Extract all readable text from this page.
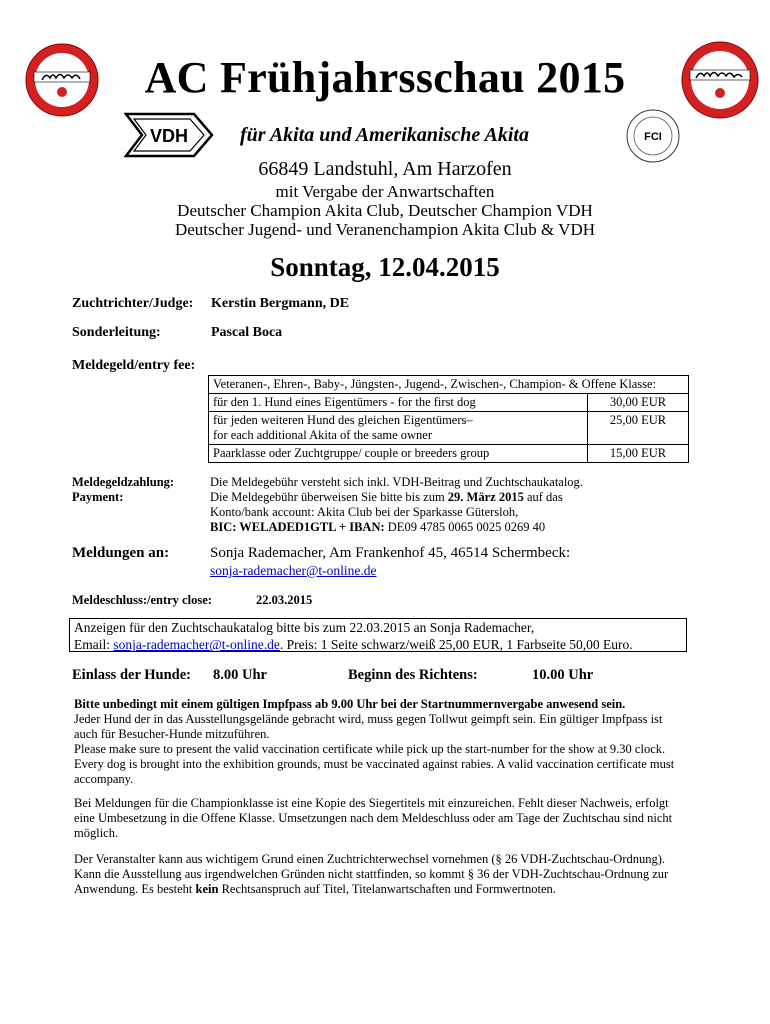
AC Frühjahrsschau 2015
VDH	für Akita und Amerikanische Akita	FCI
66849 Landstuhl, Am Harzofen
mit Vergabe der Anwartschaften
Deutscher Champion Akita Club, Deutscher Champion VDH
Deutscher Jugend- und Veranenchampion Akita Club & VDH
Sonntag, 12.04.2015
Zuchtrichter/Judge: Kerstin Bergmann, DE
Sonderleitung:	Pascal Boca
Meldegeld/entry fee:
Veteranen-, Ehren-, Baby-, Jüngsten-, Jugend-, Zwischen-, Champion- & Offene Klasse:	
für den 1. Hund eines Eigentümers - for the first dog	30,00 EUR

für jeden weiteren Hund des gleichen Eigentümers–
for each additional Akita of the same owner	25,00 EUR
Paarklasse oder Zuchtgruppe/ couple or breeders group	15,00 EUR
Meldegeldzahlung:
Payment:
Die Meldegebühr versteht sich inkl. VDH-Beitrag und Zuchtschaukatalog.
Die Meldegebühr überweisen Sie bitte bis zum 29. März 2015 auf das
Konto/bank account: Akita Club bei der Sparkasse Gütersloh,
BIC: WELADED1GTL + IBAN: DE09 4785 0065 0025 0269 40
Meldungen an:	Sonja Rademacher, Am Frankenhof 45, 46514 Schermbeck:
sonja-rademacher@t-online.de
Meldeschluss:/entry close:	22.03.2015
Anzeigen für den Zuchtschaukatalog bitte bis zum 22.03.2015 an Sonja Rademacher,
Email: sonja-rademacher@t-online.de. Preis: 1 Seite schwarz/weiß 25,00 EUR, 1 Farbseite 50,00 Euro.
Einlass der Hunde: 8.00 Uhr	Beginn des Richtens:	10.00 Uhr
Bitte unbedingt mit einem gültigen Impfpass ab 9.00 Uhr bei der Startnummernvergabe anwesend sein.
Jeder Hund der in das Ausstellungsgelände gebracht wird, muss gegen Tollwut geimpft sein. Ein gültiger Impfpass ist
auch für Besucher-Hunde mitzuführen.
Please make sure to present the valid vaccination certificate while pick up the start-number for the show at 9.30 clock.
Every dog is brought into the exhibition grounds, must be vaccinated against rabies. A valid vaccination certificate must
accompany.
Bei Meldungen für die Championklasse ist eine Kopie des Siegertitels mit einzureichen. Fehlt dieser Nachweis, erfolgt
eine Umbesetzung in die Offene Klasse. Umsetzungen nach dem Meldeschluss oder am Tage der Zuchtschau sind nicht
möglich.
Der Veranstalter kann aus wichtigem Grund einen Zuchtrichterwechsel vornehmen (§ 26 VDH-Zuchtschau-Ordnung).
Kann die Ausstellung aus irgendwelchen Gründen nicht stattfinden, so kommt § 36 der VDH-Zuchtschau-Ordnung zur
Anwendung. Es besteht kein Rechtsanspruch auf Titel, Titelanwartschaften und Formwertnoten.
